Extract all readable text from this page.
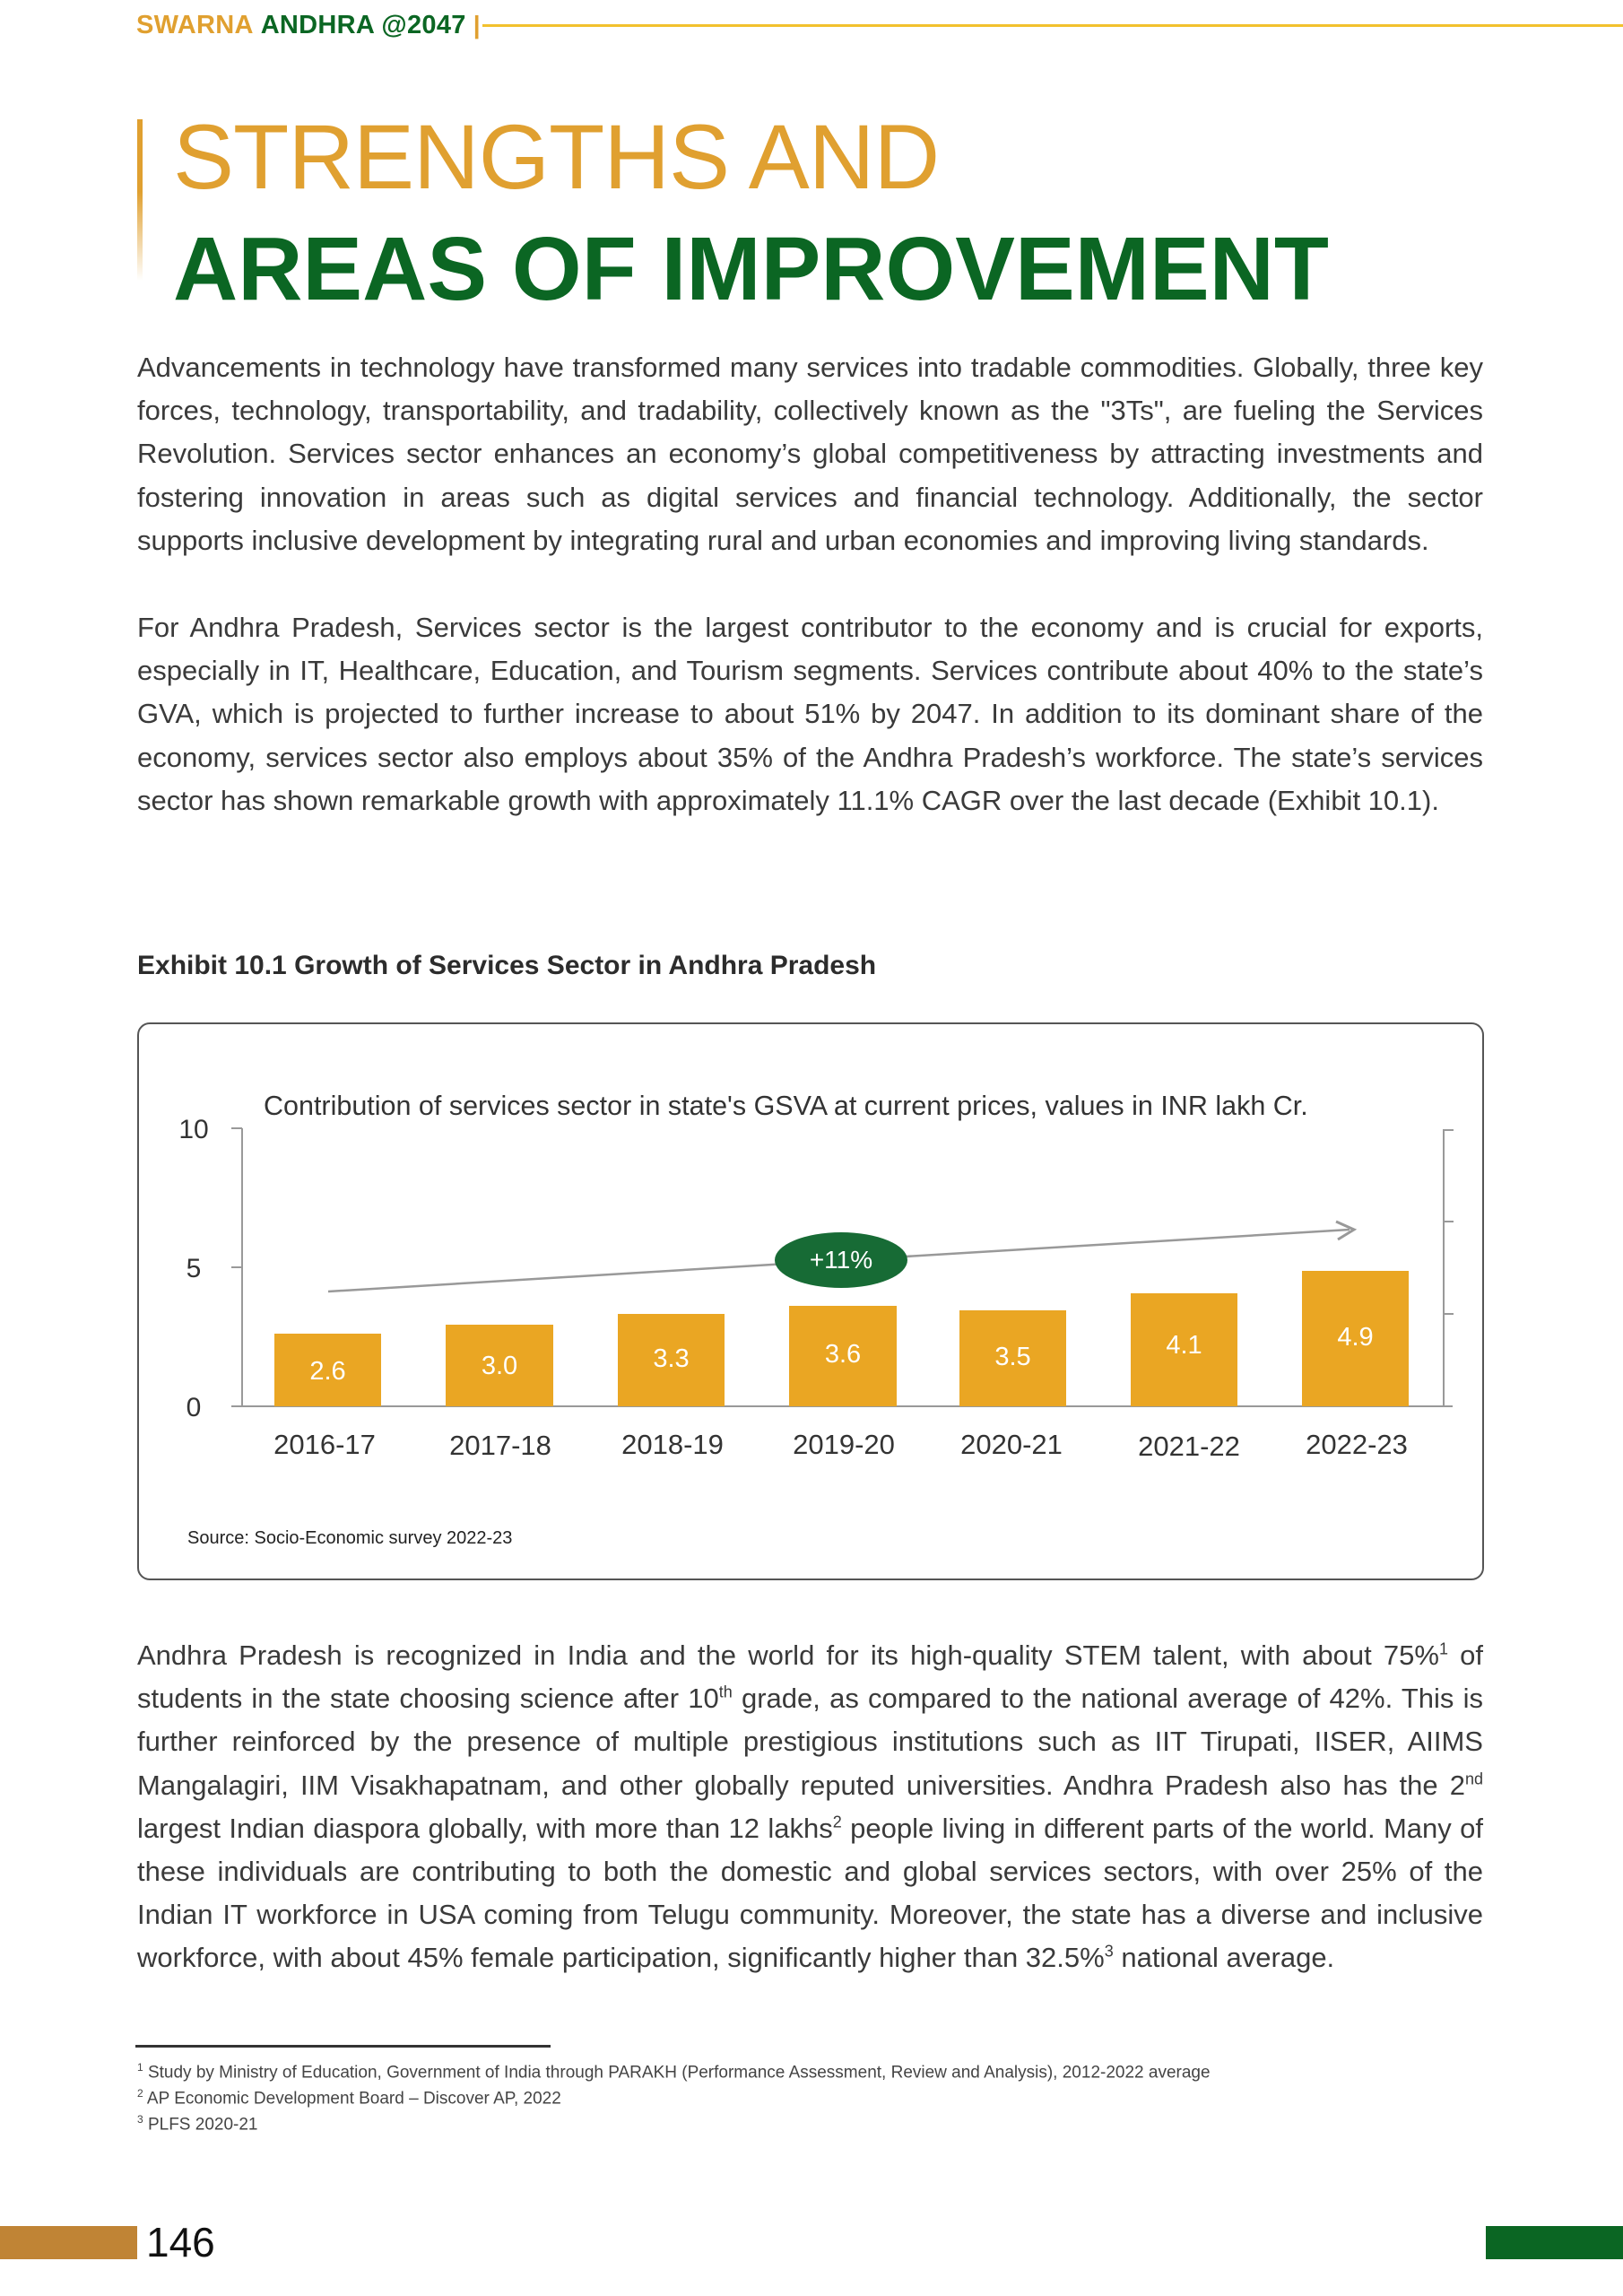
SWARNA ANDHRA @2047 |
STRENGTHS AND
AREAS OF IMPROVEMENT

Advancements in technology have transformed many services into tradable commodities. Globally, three key forces, technology, transportability, and tradability, collectively known as the "3Ts", are fueling the Services Revolution. Services sector enhances an economy’s global competitiveness by attracting investments and fostering innovation in areas such as digital services and financial technology. Additionally, the sector supports inclusive development by integrating rural and urban economies and improving living standards.

For Andhra Pradesh, Services sector is the largest contributor to the economy and is crucial for exports, especially in IT, Healthcare, Education, and Tourism segments. Services contribute about 40% to the state’s GVA, which is projected to further increase to about 51% by 2047. In addition to its dominant share of the economy, services sector also employs about 35% of the Andhra Pradesh’s workforce. The state’s services sector has shown remarkable growth with approximately 11.1% CAGR over the last decade (Exhibit 10.1).

Exhibit 10.1 Growth of Services Sector in Andhra Pradesh
Contribution of services sector in state's GSVA at current prices, values in INR lakh Cr.
10
5
0
2.6	3.0	3.3	3.6	3.5	4.1	4.9
+11%
2016-17	2017-18	2018-19	2019-20	2020-21	2021-22	2022-23
Source: Socio-Economic survey 2022-23

Andhra Pradesh is recognized in India and the world for its high-quality STEM talent, with about 75%$^1$ of students in the state choosing science after 10th grade, as compared to the national average of 42%. This is further reinforced by the presence of multiple prestigious institutions such as IIT Tirupati, IISER, AIIMS Mangalagiri, IIM Visakhapatnam, and other globally reputed universities. Andhra Pradesh also has the 2nd largest Indian diaspora globally, with more than 12 lakhs$^2$ people living in different parts of the world. Many of these individuals are contributing to both the domestic and global services sectors, with over 25% of the Indian IT workforce in USA coming from Telugu community. Moreover, the state has a diverse and inclusive workforce, with about 45% female participation, significantly higher than 32.5%$^3$ national average.

$^1$ Study by Ministry of Education, Government of India through PARAKH (Performance Assessment, Review and Analysis), 2012-2022 average
$^2$ AP Economic Development Board – Discover AP, 2022
$^3$ PLFS 2020-21
146
